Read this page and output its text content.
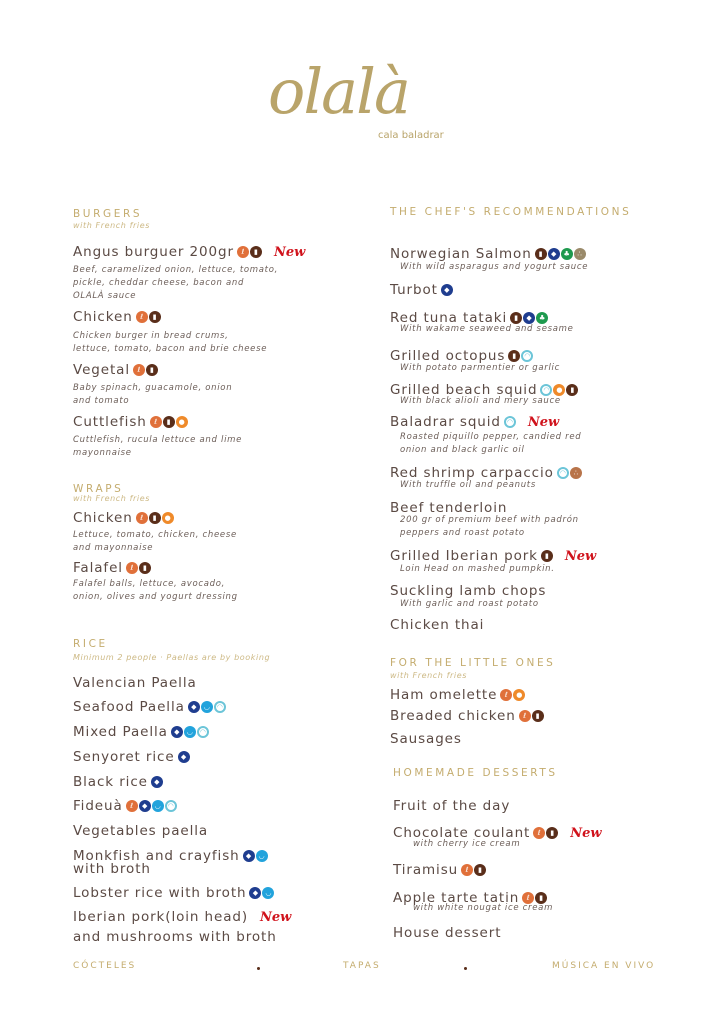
olalà
cala baladrar
BURGERS
with French fries
Angus burguer 200gr	ℓ	▮	New
Beef, caramelized onion, lettuce, tomato,
pickle, cheddar cheese, bacon and
OLALÀ sauce
Chicken	ℓ	▮
Chicken burger in bread crums,
lettuce, tomato, bacon and brie cheese
Vegetal	ℓ	▮
Baby spinach, guacamole, onion
and tomato
Cuttlefish	ℓ	▮	●
Cuttlefish, rucula lettuce and lime
mayonnaise
WRAPS
with French fries
Chicken	ℓ	▮	●
Lettuce, tomato, chicken, cheese
and mayonnaise
Falafel	ℓ	▮
Falafel balls, lettuce, avocado,
onion, olives and yogurt dressing
RICE
Minimum 2 people · Paellas are by booking
Valencian Paella
Seafood Paella ◆	◡ ◠
Mixed Paella ◆	◡ ◠
Senyoret rice ◆
Black rice ◆
Fideuà	ℓ	◆	◡ ◠
Vegetables paella
Monkfish and crayfish ◆	◡
with broth
Lobster rice with broth ◆	◡
Iberian pork(loin head) New
and mushrooms with broth
THE CHEF'S RECOMMENDATIONS
Norwegian Salmon	▮	◆	♣	∴
With wild asparagus and yogurt sauce
Turbot ◆
Red tuna tataki	▮	◆	♣
With wakame seaweed and sesame
Grilled octopus	▮	◠
With potato parmentier or garlic
Grilled beach squid ◠ ●	▮
With black alioli and mery sauce
Baladrar squid ◠ New
Roasted piquillo pepper, candied red
onion and black garlic oil
Red shrimp carpaccio ◠	∴
With truffle oil and peanuts
Beef tenderloin
200 gr of premium beef with padrón
peppers and roast potato
Grilled Iberian pork	▮	New
Loin Head on mashed pumpkin.
Suckling lamb chops
With garlic and roast potato
Chicken thai
FOR THE LITTLE ONES
with French fries
Ham omelette	ℓ	●
Breaded chicken	ℓ	▮
Sausages
HOMEMADE DESSERTS
Fruit of the day
Chocolate coulant	ℓ	▮	New
with cherry ice cream
Tiramisu	ℓ	▮
Apple tarte tatin	ℓ	▮
with white nougat ice cream
House dessert
CÓCTELES	TAPAS	MÚSICA EN VIVO
